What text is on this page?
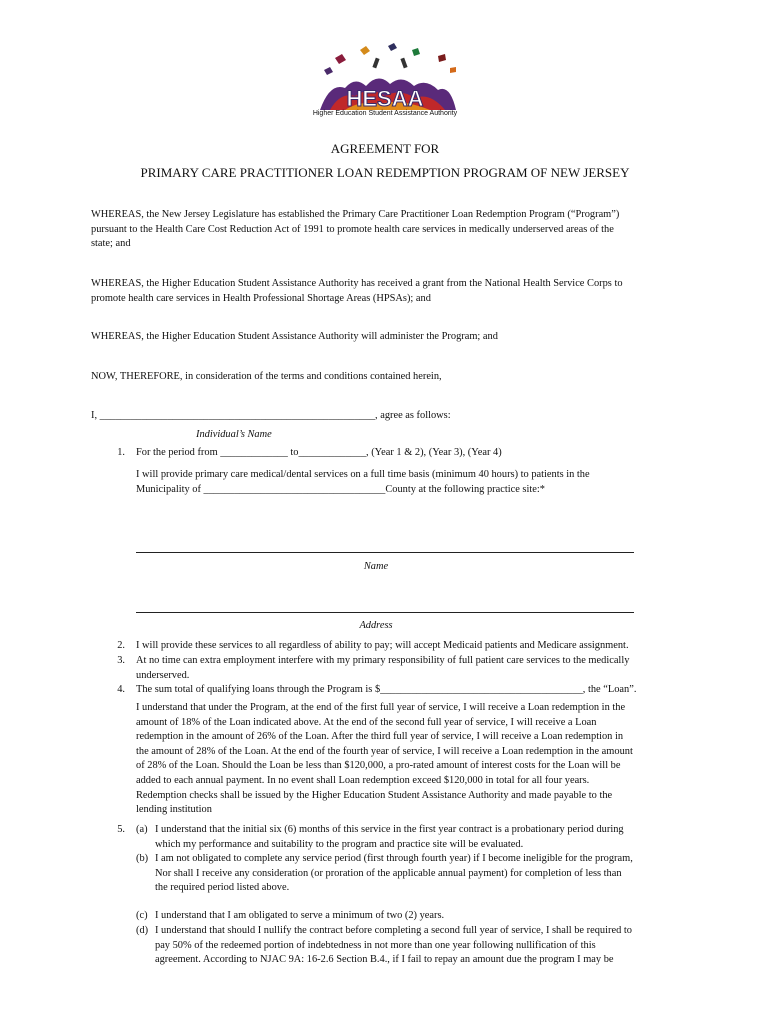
HESAA
Higher Education Student Assistance Authority
AGREEMENT FOR
PRIMARY CARE PRACTITIONER LOAN REDEMPTION PROGRAM OF NEW JERSEY
WHEREAS, the New Jersey Legislature has established the Primary Care Practitioner Loan Redemption Program (“Program”)
pursuant to the Health Care Cost Reduction Act of 1991 to promote health care services in medically underserved areas of the
state; and
WHEREAS, the Higher Education Student Assistance Authority has received a grant from the National Health Service Corps to
promote health care services in Health Professional Shortage Areas (HPSAs); and
WHEREAS, the Higher Education Student Assistance Authority will administer the Program; and
NOW, THEREFORE, in consideration of the terms and conditions contained herein,
I, _____________________________________________________, agree as follows:
Individual’s Name
1. For the period from _____________ to_____________, (Year 1 & 2), (Year 3), (Year 4)
I will provide primary care medical/dental services on a full time basis (minimum 40 hours) to patients in the
Municipality of ___________________________________County at the following practice site:*
Name
Address
2. I will provide these services to all regardless of ability to pay; will accept Medicaid patients and Medicare assignment.
3. At no time can extra employment interfere with my primary responsibility of full patient care services to the medically
underserved.
4. The sum total of qualifying loans through the Program is $_______________________________________, the “Loan”.
I understand that under the Program, at the end of the first full year of service, I will receive a Loan redemption in the
amount of 18% of the Loan indicated above. At the end of the second full year of service, I will receive a Loan
redemption in the amount of 26% of the Loan. After the third full year of service, I will receive a Loan redemption in
the amount of 28% of the Loan. At the end of the fourth year of service, I will receive a Loan redemption in the amount
of 28% of the Loan. Should the Loan be less than $120,000, a pro-rated amount of interest costs for the Loan will be
added to each annual payment. In no event shall Loan redemption exceed $120,000 in total for all four years.
Redemption checks shall be issued by the Higher Education Student Assistance Authority and made payable to the
lending institution
5. (a) I understand that the initial six (6) months of this service in the first year contract is a probationary period during
which my performance and suitability to the program and practice site will be evaluated.
(b) I am not obligated to complete any service period (first through fourth year) if I become ineligible for the program,
Nor shall I receive any consideration (or proration of the applicable annual payment) for completion of less than
the required period listed above.
(c) I understand that I am obligated to serve a minimum of two (2) years.
(d) I understand that should I nullify the contract before completing a second full year of service, I shall be required to
pay 50% of the redeemed portion of indebtedness in not more than one year following nullification of this
agreement. According to NJAC 9A: 16-2.6 Section B.4., if I fail to repay an amount due the program I may be
